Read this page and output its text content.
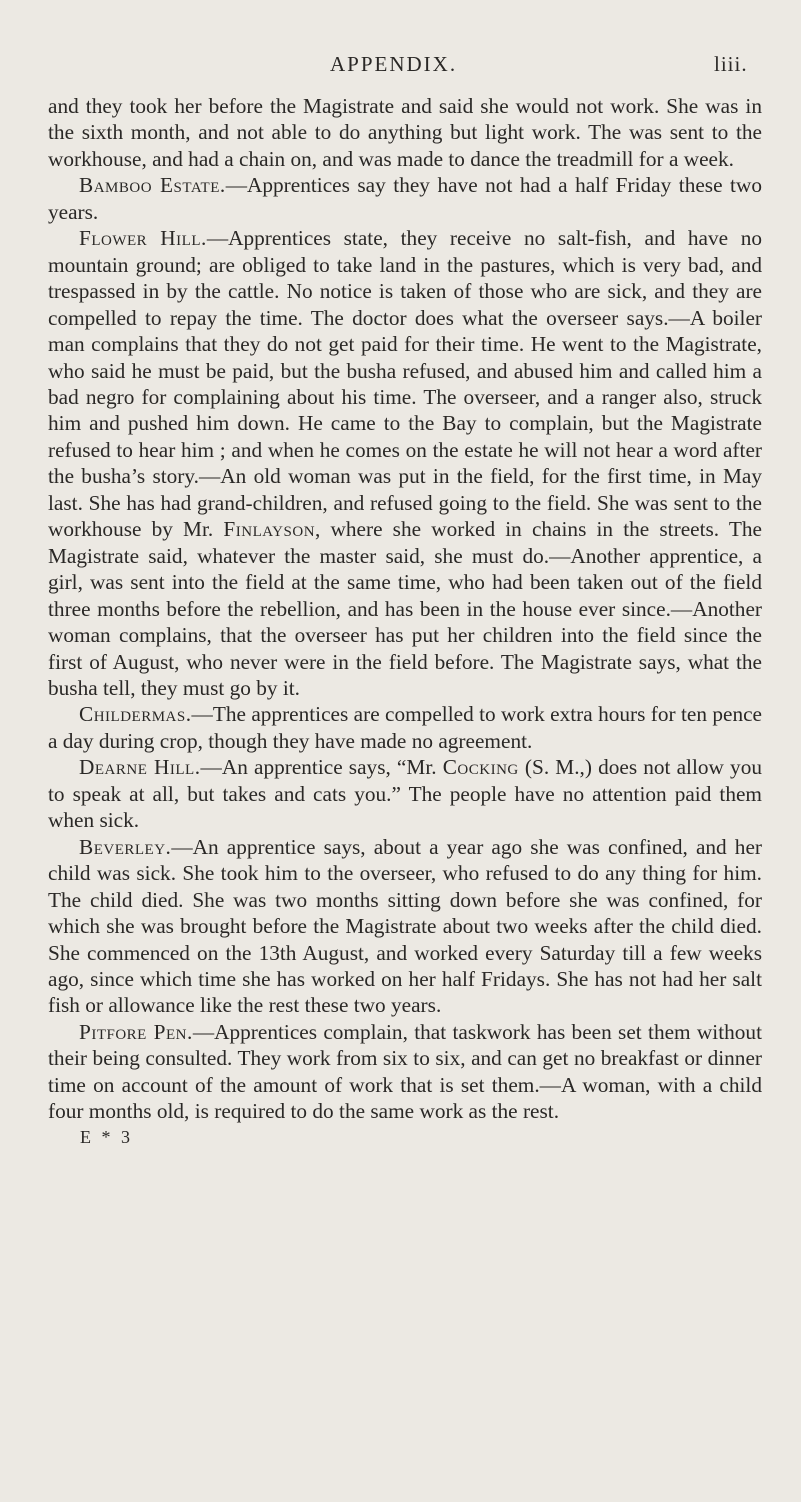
APPENDIX.	liii.

and they took her before the Magistrate and said she would not work. She was in the sixth month, and not able to do anything but light work. The was sent to the workhouse, and had a chain on, and was made to dance the treadmill for a week.

Bamboo Estate.—Apprentices say they have not had a half Friday these two years.

Flower Hill.—Apprentices state, they receive no salt-fish, and have no mountain ground; are obliged to take land in the pastures, which is very bad, and trespassed in by the cattle. No notice is taken of those who are sick, and they are compelled to repay the time. The doctor does what the overseer says.—A boiler man complains that they do not get paid for their time. He went to the Magistrate, who said he must be paid, but the busha refused, and abused him and called him a bad negro for complaining about his time. The overseer, and a ranger also, struck him and pushed him down. He came to the Bay to complain, but the Magistrate refused to hear him ; and when he comes on the estate he will not hear a word after the busha’s story.—An old woman was put in the field, for the first time, in May last. She has had grand-children, and refused going to the field. She was sent to the workhouse by Mr. Finlayson, where she worked in chains in the streets. The Magistrate said, whatever the master said, she must do.—Another apprentice, a girl, was sent into the field at the same time, who had been taken out of the field three months before the rebellion, and has been in the house ever since.—Another woman complains, that the overseer has put her children into the field since the first of August, who never were in the field before. The Magistrate says, what the busha tell, they must go by it.

Childermas.—The apprentices are compelled to work extra hours for ten pence a day during crop, though they have made no agreement.

Dearne Hill.—An apprentice says, “Mr. Cocking (S. M.,) does not allow you to speak at all, but takes and cats you.” The people have no attention paid them when sick.

Beverley.—An apprentice says, about a year ago she was confined, and her child was sick. She took him to the overseer, who refused to do any thing for him. The child died. She was two months sitting down before she was confined, for which she was brought before the Magistrate about two weeks after the child died. She commenced on the 13th August, and worked every Saturday till a few weeks ago, since which time she has worked on her half Fridays. She has not had her salt fish or allowance like the rest these two years.

Pitfore Pen.—Apprentices complain, that taskwork has been set them without their being consulted. They work from six to six, and can get no breakfast or dinner time on account of the amount of work that is set them.—A woman, with a child four months old, is required to do the same work as the rest.

E * 3
